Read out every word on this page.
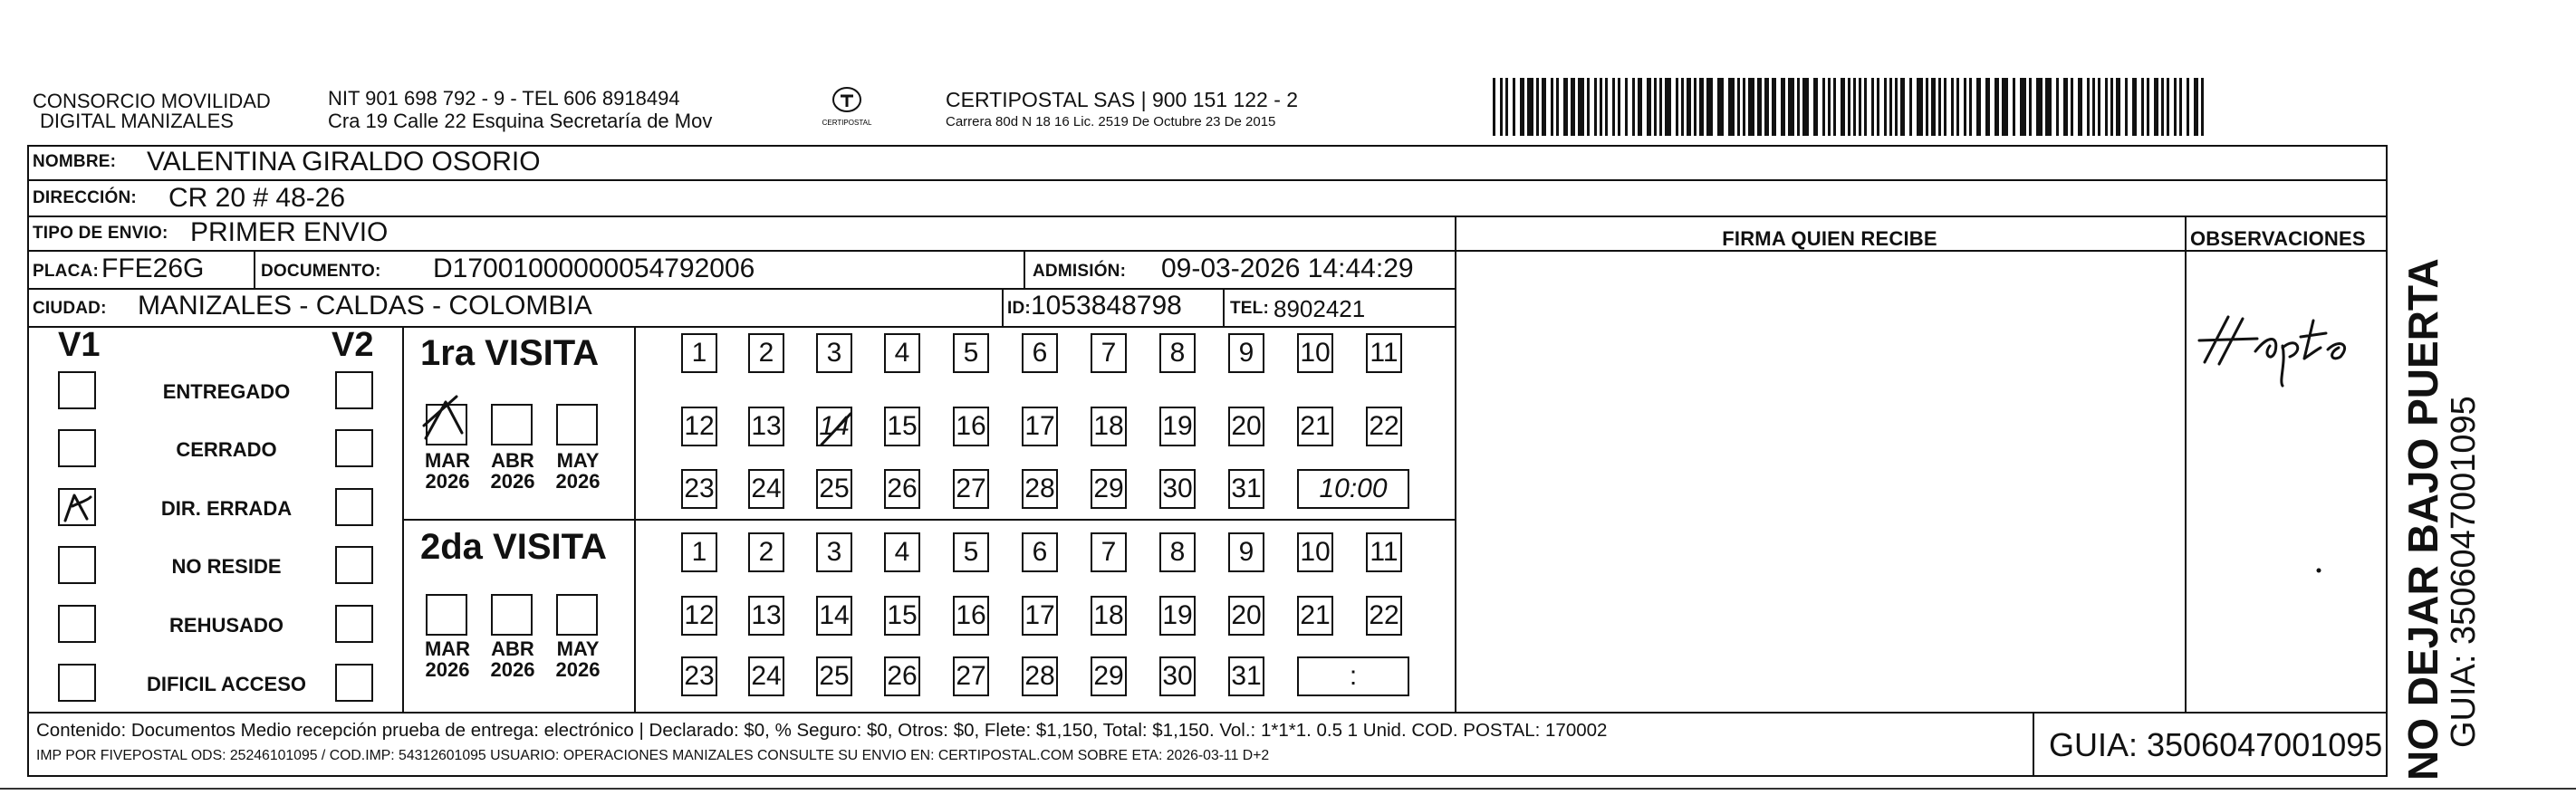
CONSORCIO MOVILIDAD
DIGITAL MANIZALES
NIT 901 698 792 - 9 - TEL 606 8918494
Cra 19 Calle 22 Esquina Secretaría de Mov	CERTIPOSTAL
CERTIPOSTAL SAS | 900 151 122 - 2
Carrera 80d N 18 16 Lic. 2519 De Octubre 23 De 2015
NOMBRE: VALENTINA GIRALDO OSORIO
DIRECCIÓN: CR 20 # 48-26
TIPO DE ENVIO: PRIMER ENVIO	FIRMA QUIEN RECIBE	OBSERVACIONES
PLACA: FFE26G	DOCUMENTO: D17001000000054792006	ADMISIÓN: 09-03-2026 14:44:29
CIUDAD: MANIZALES - CALDAS - COLOMBIA	ID: 1053848798	TEL: 8902421
V1	V2
ENTREGADO
CERRADO
DIR. ERRADA
NO RESIDE
REHUSADO
DIFICIL ACCESO
1ra VISITA
2da VISITA
MAR
2026
ABR
2026
MAY
2026
1	2	3	4	5	6	7	8	9	10 11
12 13 14 15 16 17 18 19 20 21 22
23 24 25 26 27 28 29 30 31	10:00
MAR
2026
ABR
2026
MAY
2026
1	2	3	4	5	6	7	8	9	10 11
12 13 14 15 16 17 18 19 20 21 22
23 24 25 26 27 28 29 30 31	:
Contenido: Documentos Medio recepción prueba de entrega: electrónico | Declarado: $0, % Seguro: $0, Otros: $0, Flete: $1,150, Total: $1,150. Vol.: 1*1*1. 0.5 1 Unid. COD. POSTAL: 170002
IMP POR FIVEPOSTAL ODS: 25246101095 / COD.IMP: 54312601095 USUARIO: OPERACIONES MANIZALES CONSULTE SU ENVIO EN: CERTIPOSTAL.COM SOBRE ETA: 2026-03-11 D+2	GUIA: 3506047001095 NO DEJAR BAJO PUERTA
GUIA: 3506047001095
